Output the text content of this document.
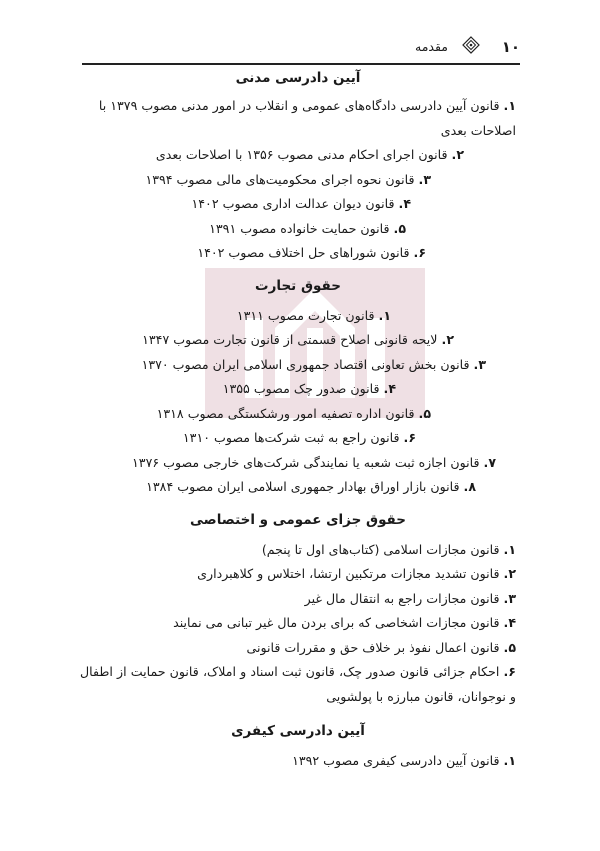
۱۰
مقدمه

آیین دادرسی مدنی

۱. قانون آیین دادرسی دادگاه‌های عمومی و انقلاب در امور مدنی مصوب ۱۳۷۹ با اصلاحات بعدی

۲. قانون اجرای احکام مدنی مصوب ۱۳۵۶ با اصلاحات بعدی

۳. قانون نحوه اجرای محکومیت‌های مالی مصوب ۱۳۹۴

۴. قانون دیوان عدالت اداری مصوب ۱۴۰۲

۵. قانون حمایت خانواده مصوب ۱۳۹۱

۶. قانون شوراهای حل اختلاف مصوب ۱۴۰۲

حقوق تجارت

۱. قانون تجارت مصوب ۱۳۱۱

۲. لایحه قانونی اصلاح قسمتی از قانون تجارت مصوب ۱۳۴۷

۳. قانون بخش تعاونی اقتصاد جمهوری اسلامی ایران مصوب ۱۳۷۰

۴. قانون صدور چک مصوب ۱۳۵۵

۵. قانون اداره تصفیه امور ورشکستگی مصوب ۱۳۱۸

۶. قانون راجع به ثبت شرکت‌ها مصوب ۱۳۱۰

۷. قانون اجازه ثبت شعبه یا نمایندگی شرکت‌های خارجی مصوب ۱۳۷۶

۸. قانون بازار اوراق بهادار جمهوری اسلامی ایران مصوب ۱۳۸۴

حقوق جزای عمومی و اختصاصی

۱. قانون مجازات اسلامی (کتاب‌های اول تا پنجم)

۲. قانون تشدید مجازات مرتکبین ارتشا، اختلاس و کلاهبرداری

۳. قانون مجازات راجع به انتقال مال غیر

۴. قانون مجازات اشخاصی که برای بردن مال غیر تبانی می نمایند

۵. قانون اعمال نفوذ بر خلاف حق و مقررات قانونی

۶. احکام جزائی قانون صدور چک، قانون ثبت اسناد و املاک، قانون حمایت از اطفال و نوجوانان، قانون مبارزه با پولشویی

آیین دادرسی کیفری

۱. قانون آیین دادرسی کیفری مصوب ۱۳۹۲
